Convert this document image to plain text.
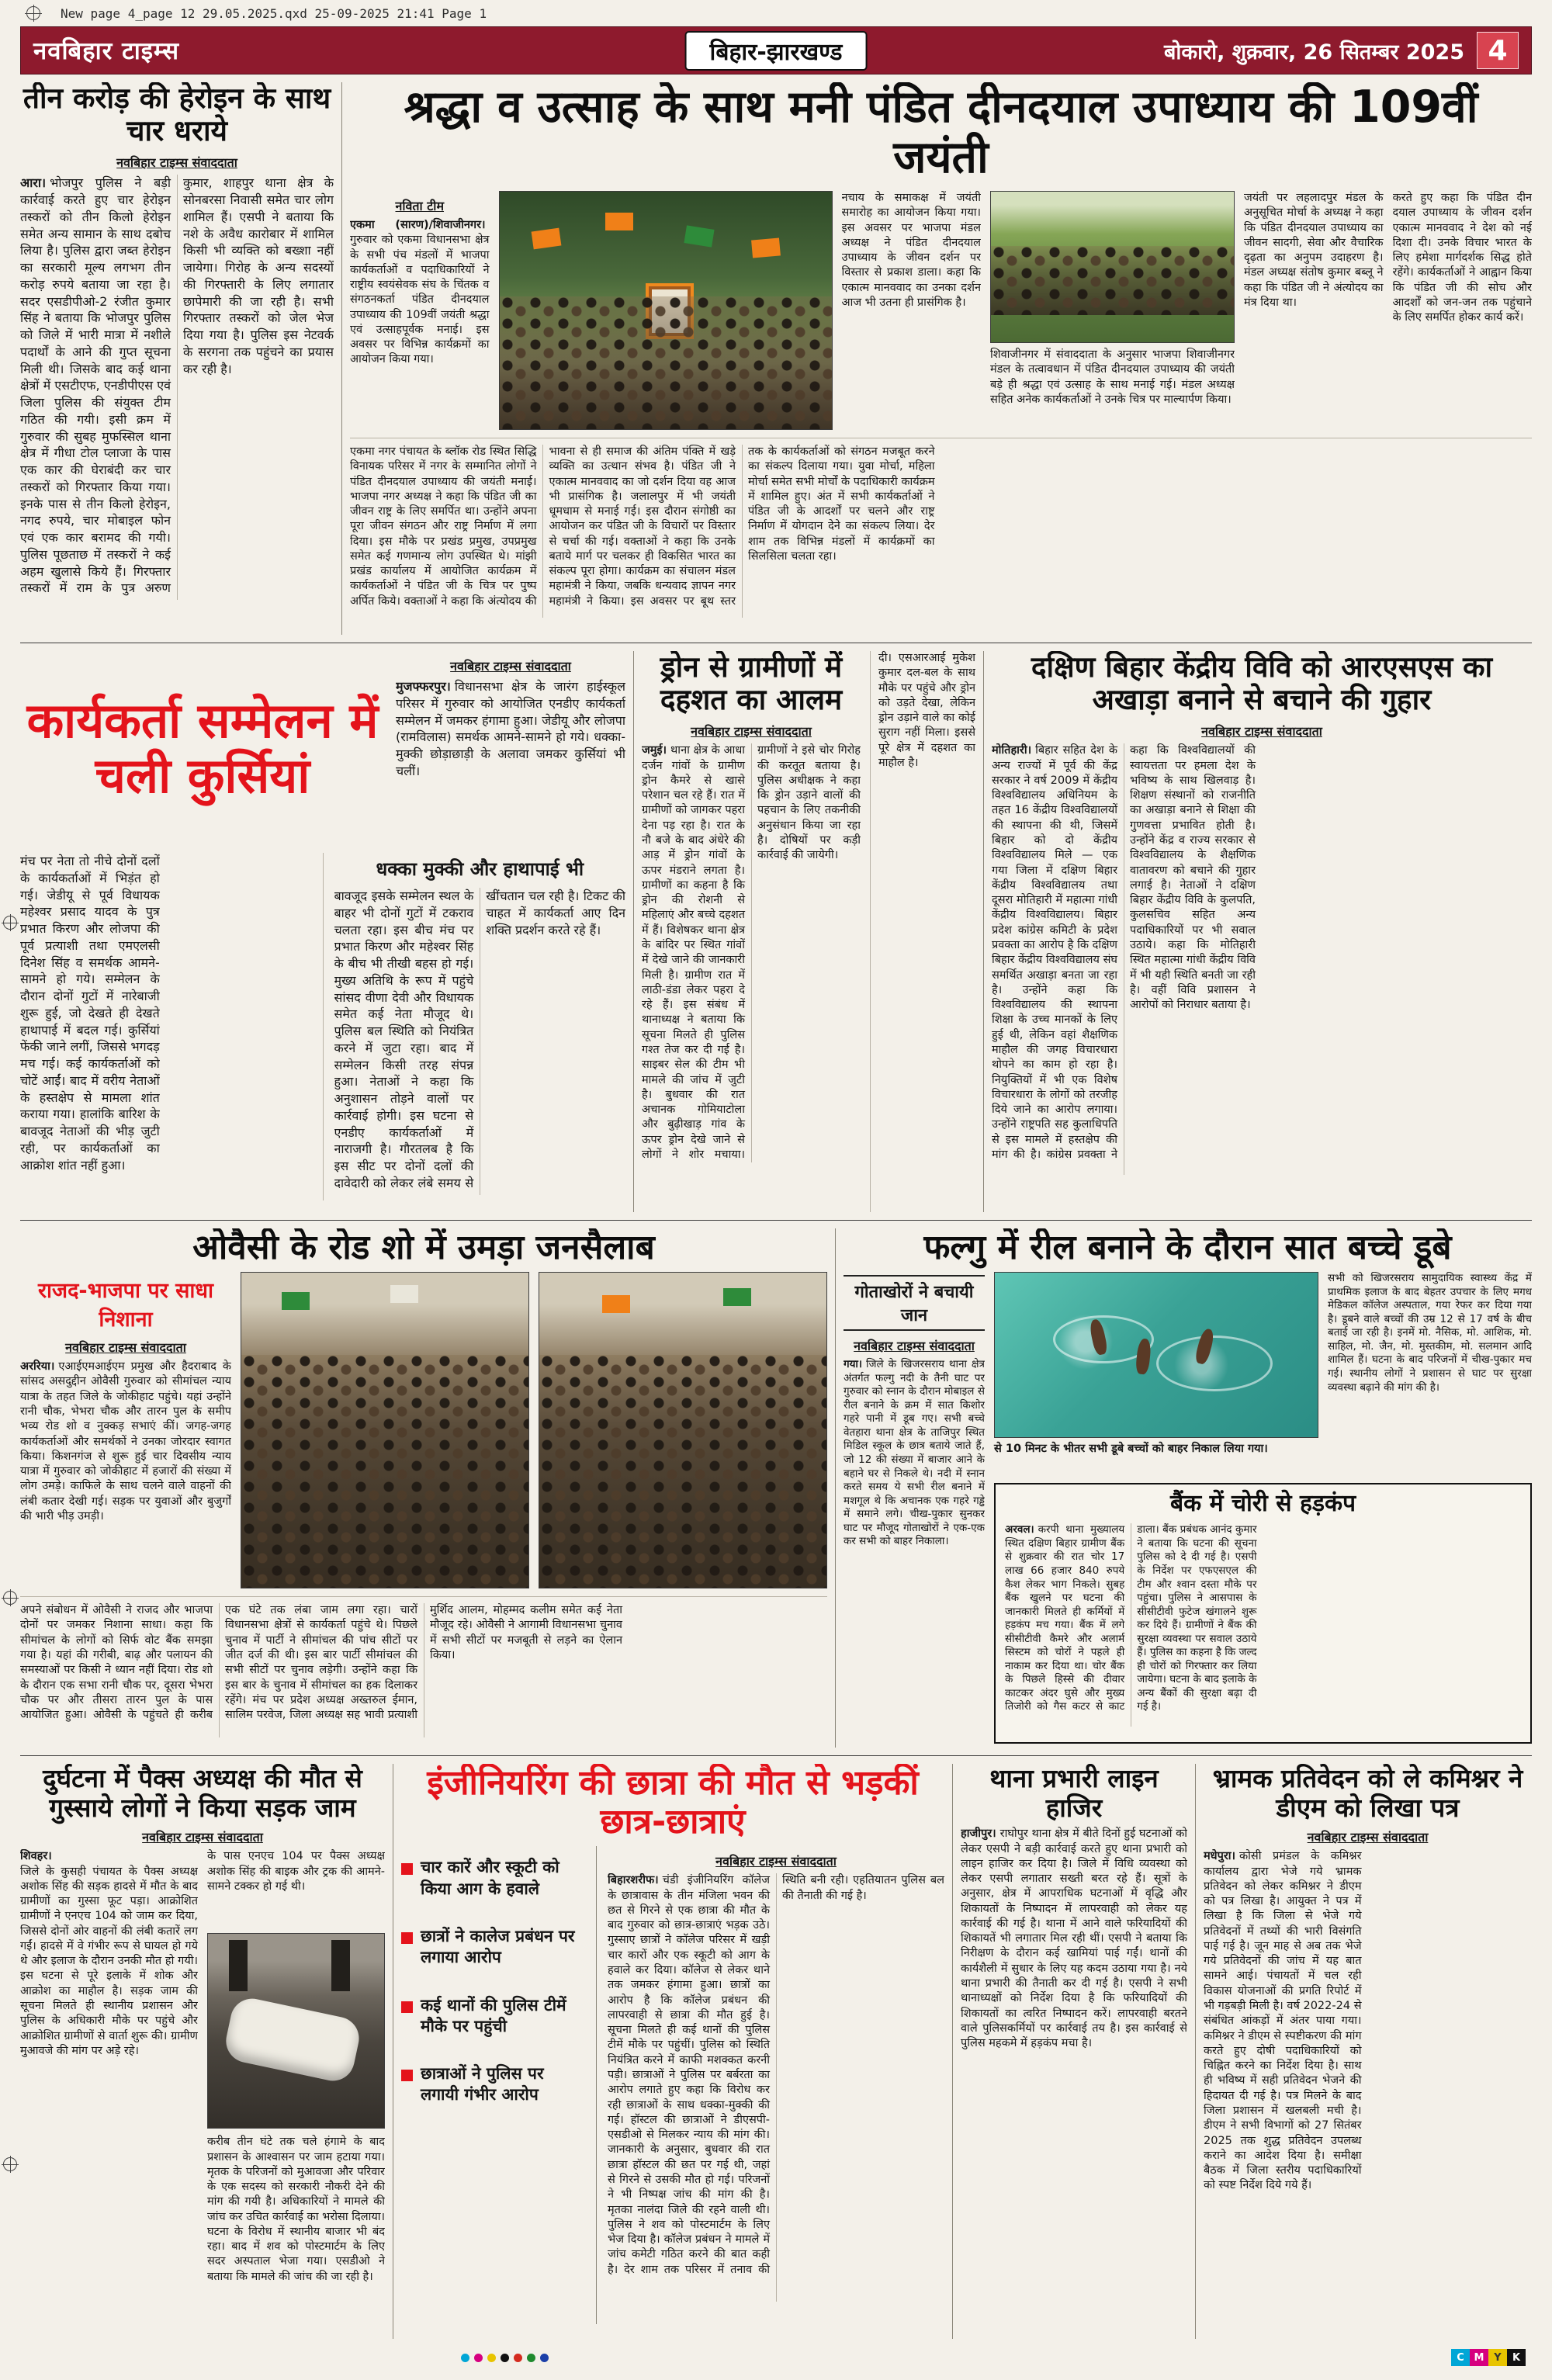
New page 4_page 12 29.05.2025.qxd 25-09-2025 21:41 Page 1
नवबिहार टाइम्स	बिहार-झारखण्ड	बोकारो, शुक्रवार, 26 सितम्बर 2025 4
तीन करोड़ की हेरोइन के साथ चार धराये
नवबिहार टाइम्स संवाददाता
आरा। भोजपुर पुलिस ने बड़ी कार्रवाई करते हुए चार हेरोइन तस्करों को तीन किलो हेरोइन समेत अन्य सामान के साथ दबोच लिया है। पुलिस द्वारा जब्त हेरोइन का सरकारी मूल्य लगभग तीन करोड़ रुपये बताया जा रहा है। सदर एसडीपीओ-2 रंजीत कुमार सिंह ने बताया कि भोजपुर पुलिस को जिले में भारी मात्रा में नशीले पदार्थों के आने की गुप्त सूचना मिली थी। जिसके बाद कई थाना क्षेत्रों में एसटीएफ, एनडीपीएस एवं जिला पुलिस की संयुक्त टीम गठित की गयी। इसी क्रम में गुरुवार की सुबह मुफस्सिल थाना क्षेत्र में गीधा टोल प्लाजा के पास एक कार की घेराबंदी कर चार तस्करों को गिरफ्तार किया गया। इनके पास से तीन किलो हेरोइन, नगद रुपये, चार मोबाइल फोन एवं एक कार बरामद की गयी। पुलिस पूछताछ में तस्करों ने कई अहम खुलासे किये हैं। गिरफ्तार तस्करों में राम के पुत्र अरुण कुमार, शाहपुर थाना क्षेत्र के सोनबरसा निवासी समेत चार लोग शामिल हैं। एसपी ने बताया कि नशे के अवैध कारोबार में शामिल किसी भी व्यक्ति को बख्शा नहीं जायेगा। गिरोह के अन्य सदस्यों की गिरफ्तारी के लिए लगातार छापेमारी की जा रही है। सभी गिरफ्तार तस्करों को जेल भेज दिया गया है। पुलिस इस नेटवर्क के सरगना तक पहुंचने का प्रयास कर रही है।
श्रद्धा व उत्साह के साथ मनी पंडित दीनदयाल उपाध्याय की 109वीं जयंती
नविता टीम
एकमा (सारण)/शिवाजीनगर।गुरुवार को एकमा विधानसभा क्षेत्र के सभी पंच मंडलों में भाजपा कार्यकर्ताओं व पदाधिकारियों ने राष्ट्रीय स्वयंसेवक संघ के चिंतक व संगठनकर्ता पंडित दीनदयाल उपाध्याय की 109वीं जयंती श्रद्धा एवं उत्साहपूर्वक मनाई। इस अवसर पर विभिन्न कार्यक्रमों का आयोजन किया गया।
नचाय के समाकक्ष में जयंती समारोह का आयोजन किया गया। इस अवसर पर भाजपा मंडल अध्यक्ष ने पंडित दीनदयाल उपाध्याय के जीवन दर्शन पर विस्तार से प्रकाश डाला। कहा कि एकात्म मानववाद का उनका दर्शन आज भी उतना ही प्रासंगिक है।
शिवाजीनगर में संवाददाता के अनुसार भाजपा शिवाजीनगर मंडल के तत्वावधान में पंडित दीनदयाल उपाध्याय की जयंती बड़े ही श्रद्धा एवं उत्साह के साथ मनाई गई। मंडल अध्यक्ष सहित अनेक कार्यकर्ताओं ने उनके चित्र पर माल्यार्पण किया।
जयंती पर लहलादपुर मंडल के अनुसूचित मोर्चा के अध्यक्ष ने कहा कि पंडित दीनदयाल उपाध्याय का जीवन सादगी, सेवा और वैचारिक दृढ़ता का अनुपम उदाहरण है। मंडल अध्यक्ष संतोष कुमार बब्लू ने कहा कि पंडित जी ने अंत्योदय का मंत्र दिया था।
करते हुए कहा कि पंडित दीन दयाल उपाध्याय के जीवन दर्शन एकात्म मानववाद ने देश को नई दिशा दी। उनके विचार भारत के लिए हमेशा मार्गदर्शक सिद्ध होते रहेंगे। कार्यकर्ताओं ने आह्वान किया कि पंडित जी की सोच और आदर्शों को जन-जन तक पहुंचाने के लिए समर्पित होकर कार्य करें।
एकमा नगर पंचायत के ब्लॉक रोड स्थित सिद्धि विनायक परिसर में नगर के सम्मानित लोगों ने पंडित दीनदयाल उपाध्याय की जयंती मनाई। भाजपा नगर अध्यक्ष ने कहा कि पंडित जी का जीवन राष्ट्र के लिए समर्पित था। उन्होंने अपना पूरा जीवन संगठन और राष्ट्र निर्माण में लगा दिया। इस मौके पर प्रखंड प्रमुख, उपप्रमुख समेत कई गणमान्य लोग उपस्थित थे। मांझी प्रखंड कार्यालय में आयोजित कार्यक्रम में कार्यकर्ताओं ने पंडित जी के चित्र पर पुष्प अर्पित किये। वक्ताओं ने कहा कि अंत्योदय की भावना से ही समाज की अंतिम पंक्ति में खड़े व्यक्ति का उत्थान संभव है। पंडित जी ने एकात्म मानववाद का जो दर्शन दिया वह आज भी प्रासंगिक है। जलालपुर में भी जयंती धूमधाम से मनाई गई। इस दौरान संगोष्ठी का आयोजन कर पंडित जी के विचारों पर विस्तार से चर्चा की गई। वक्ताओं ने कहा कि उनके बताये मार्ग पर चलकर ही विकसित भारत का संकल्प पूरा होगा। कार्यक्रम का संचालन मंडल महामंत्री ने किया, जबकि धन्यवाद ज्ञापन नगर महामंत्री ने किया। इस अवसर पर बूथ स्तर तक के कार्यकर्ताओं को संगठन मजबूत करने का संकल्प दिलाया गया। युवा मोर्चा, महिला मोर्चा समेत सभी मोर्चों के पदाधिकारी कार्यक्रम में शामिल हुए। अंत में सभी कार्यकर्ताओं ने पंडित जी के आदर्शों पर चलने और राष्ट्र निर्माण में योगदान देने का संकल्प लिया। देर शाम तक विभिन्न मंडलों में कार्यक्रमों का सिलसिला चलता रहा।
कार्यकर्ता सम्मेलन में चली कुर्सियां
नवबिहार टाइम्स संवाददाता
मुजफ्फरपुर। विधानसभा क्षेत्र के जारंग हाईस्कूल परिसर में गुरुवार को आयोजित एनडीए कार्यकर्ता सम्मेलन में जमकर हंगामा हुआ। जेडीयू और लोजपा (रामविलास) समर्थक आमने-सामने हो गये। धक्का-मुक्की छोड़ाछाड़ी के अलावा जमकर कुर्सियां भी चलीं।
मंच पर नेता तो नीचे दोनों दलों के कार्यकर्ताओं में भिड़ंत हो गई। जेडीयू से पूर्व विधायक महेश्वर प्रसाद यादव के पुत्र प्रभात किरण और लोजपा की पूर्व प्रत्याशी तथा एमएलसी दिनेश सिंह व समर्थक आमने-सामने हो गये। सम्मेलन के दौरान दोनों गुटों में नारेबाजी शुरू हुई, जो देखते ही देखते हाथापाई में बदल गई। कुर्सियां फेंकी जाने लगीं, जिससे भगदड़ मच गई। कई कार्यकर्ताओं को चोटें आईं। बाद में वरीय नेताओं के हस्तक्षेप से मामला शांत कराया गया। हालांकि बारिश के बावजूद नेताओं की भीड़ जुटी रही, पर कार्यकर्ताओं का आक्रोश शांत नहीं हुआ।
धक्का मुक्की और हाथापाई भी
बावजूद इसके सम्मेलन स्थल के बाहर भी दोनों गुटों में टकराव चलता रहा। इस बीच मंच पर प्रभात किरण और महेश्वर सिंह के बीच भी तीखी बहस हो गई। मुख्य अतिथि के रूप में पहुंचे सांसद वीणा देवी और विधायक समेत कई नेता मौजूद थे। पुलिस बल स्थिति को नियंत्रित करने में जुटा रहा। बाद में सम्मेलन किसी तरह संपन्न हुआ। नेताओं ने कहा कि अनुशासन तोड़ने वालों पर कार्रवाई होगी। इस घटना से एनडीए कार्यकर्ताओं में नाराजगी है। गौरतलब है कि इस सीट पर दोनों दलों की दावेदारी को लेकर लंबे समय से खींचतान चल रही है। टिकट की चाहत में कार्यकर्ता आए दिन शक्ति प्रदर्शन करते रहे हैं।
ड्रोन से ग्रामीणों में दहशत का आलम
नवबिहार टाइम्स संवाददाता
जमुई। थाना क्षेत्र के आधा दर्जन गांवों के ग्रामीण ड्रोन कैमरे से खासे परेशान चल रहे हैं। रात में ग्रामीणों को जागकर पहरा देना पड़ रहा है। रात के नौ बजे के बाद अंधेरे की आड़ में ड्रोन गांवों के ऊपर मंडराने लगता है। ग्रामीणों का कहना है कि ड्रोन की रोशनी से महिलाएं और बच्चे दहशत में हैं। विशेषकर थाना क्षेत्र के बांदिर पर स्थित गांवों में देखे जाने की जानकारी मिली है। ग्रामीण रात में लाठी-डंडा लेकर पहरा दे रहे हैं। इस संबंध में थानाध्यक्ष ने बताया कि सूचना मिलते ही पुलिस गश्त तेज कर दी गई है। साइबर सेल की टीम भी मामले की जांच में जुटी है। बुधवार की रात अचानक गोमियाटोला और बुढ़ीखाड़ गांव के ऊपर ड्रोन देखे जाने से लोगों ने शोर मचाया। ग्रामीणों ने इसे चोर गिरोह की करतूत बताया है। पुलिस अधीक्षक ने कहा कि ड्रोन उड़ाने वालों की पहचान के लिए तकनीकी अनुसंधान किया जा रहा है। दोषियों पर कड़ी कार्रवाई की जायेगी।
दी। एसआरआई मुकेश कुमार दल-बल के साथ मौके पर पहुंचे और ड्रोन को उड़ते देखा, लेकिन ड्रोन उड़ाने वाले का कोई सुराग नहीं मिला। इससे पूरे क्षेत्र में दहशत का माहौल है।
दक्षिण बिहार केंद्रीय विवि को आरएसएस का अखाड़ा बनाने से बचाने की गुहार
नवबिहार टाइम्स संवाददाता
मोतिहारी। बिहार सहित देश के अन्य राज्यों में पूर्व की केंद्र सरकार ने वर्ष 2009 में केंद्रीय विश्वविद्यालय अधिनियम के तहत 16 केंद्रीय विश्वविद्यालयों की स्थापना की थी, जिसमें बिहार को दो केंद्रीय विश्वविद्यालय मिले — एक गया जिला में दक्षिण बिहार केंद्रीय विश्वविद्यालय तथा दूसरा मोतिहारी में महात्मा गांधी केंद्रीय विश्वविद्यालय। बिहार प्रदेश कांग्रेस कमिटी के प्रदेश प्रवक्ता का आरोप है कि दक्षिण बिहार केंद्रीय विश्वविद्यालय संघ समर्थित अखाड़ा बनता जा रहा है। उन्होंने कहा कि विश्वविद्यालय की स्थापना शिक्षा के उच्च मानकों के लिए हुई थी, लेकिन वहां शैक्षणिक माहौल की जगह विचारधारा थोपने का काम हो रहा है। नियुक्तियों में भी एक विशेष विचारधारा के लोगों को तरजीह दिये जाने का आरोप लगाया। उन्होंने राष्ट्रपति सह कुलाधिपति से इस मामले में हस्तक्षेप की मांग की है। कांग्रेस प्रवक्ता ने कहा कि विश्वविद्यालयों की स्वायत्तता पर हमला देश के भविष्य के साथ खिलवाड़ है। शिक्षण संस्थानों को राजनीति का अखाड़ा बनाने से शिक्षा की गुणवत्ता प्रभावित होती है। उन्होंने केंद्र व राज्य सरकार से विश्वविद्यालय के शैक्षणिक वातावरण को बचाने की गुहार लगाई है। नेताओं ने दक्षिण बिहार केंद्रीय विवि के कुलपति, कुलसचिव सहित अन्य पदाधिकारियों पर भी सवाल उठाये। कहा कि मोतिहारी स्थित महात्मा गांधी केंद्रीय विवि में भी यही स्थिति बनती जा रही है। वहीं विवि प्रशासन ने आरोपों को निराधार बताया है।
ओवैसी के रोड शो में उमड़ा जनसैलाब
राजद-भाजपा पर साधा निशाना
नवबिहार टाइम्स संवाददाता
अररिया। एआईएमआईएम प्रमुख और हैदराबाद के सांसद असदुद्दीन ओवैसी गुरुवार को सीमांचल न्याय यात्रा के तहत जिले के जोकीहाट पहुंचे। यहां उन्होंने रानी चौक, भेभरा चौक और तारन पुल के समीप भव्य रोड शो व नुक्कड़ सभाएं कीं। जगह-जगह कार्यकर्ताओं और समर्थकों ने उनका जोरदार स्वागत किया। किशनगंज से शुरू हुई चार दिवसीय न्याय यात्रा में गुरुवार को जोकीहाट में हजारों की संख्या में लोग उमड़े। काफिले के साथ चलने वाले वाहनों की लंबी कतार देखी गई। सड़क पर युवाओं और बुजुर्गों की भारी भीड़ उमड़ी।
अपने संबोधन में ओवैसी ने राजद और भाजपा दोनों पर जमकर निशाना साधा। कहा कि सीमांचल के लोगों को सिर्फ वोट बैंक समझा गया है। यहां की गरीबी, बाढ़ और पलायन की समस्याओं पर किसी ने ध्यान नहीं दिया। रोड शो के दौरान एक सभा रानी चौक पर, दूसरा भेभरा चौक पर और तीसरा तारन पुल के पास आयोजित हुआ। ओवैसी के पहुंचते ही करीब एक घंटे तक लंबा जाम लगा रहा। चारों विधानसभा क्षेत्रों से कार्यकर्ता पहुंचे थे। पिछले चुनाव में पार्टी ने सीमांचल की पांच सीटों पर जीत दर्ज की थी। इस बार पार्टी सीमांचल की सभी सीटों पर चुनाव लड़ेगी। उन्होंने कहा कि इस बार के चुनाव में सीमांचल का हक दिलाकर रहेंगे। मंच पर प्रदेश अध्यक्ष अख्तरुल ईमान, सालिम परवेज, जिला अध्यक्ष सह भावी प्रत्याशी मुर्शिद आलम, मोहम्मद कलीम समेत कई नेता मौजूद रहे। ओवैसी ने आगामी विधानसभा चुनाव में सभी सीटों पर मजबूती से लड़ने का ऐलान किया।
फल्गु में रील बनाने के दौरान सात बच्चे डूबे
गोताखोरों ने बचायी जान
नवबिहार टाइम्स संवाददाता
गया। जिले के खिजरसराय थाना क्षेत्र अंतर्गत फल्गु नदी के तैनी घाट पर गुरुवार को स्नान के दौरान मोबाइल से रील बनाने के क्रम में सात किशोर गहरे पानी में डूब गए। सभी बच्चे वेतहारा थाना क्षेत्र के ताजिपुर स्थित मिडिल स्कूल के छात्र बताये जाते हैं, जो 12 की संख्या में बाजार आने के बहाने घर से निकले थे। नदी में स्नान करते समय ये सभी रील बनाने में मशगूल थे कि अचानक एक गहरे गड्ढे में समाने लगे। चीख-पुकार सुनकर घाट पर मौजूद गोताखोरों ने एक-एक कर सभी को बाहर निकाला।
से 10 मिनट के भीतर सभी डूबे बच्चों को बाहर निकाल लिया गया।
सभी को खिजरसराय सामुदायिक स्वास्थ्य केंद्र में प्राथमिक इलाज के बाद बेहतर उपचार के लिए मगध मेडिकल कॉलेज अस्पताल, गया रेफर कर दिया गया है। डूबने वाले बच्चों की उम्र 12 से 17 वर्ष के बीच बताई जा रही है। इनमें मो. नैसिक, मो. आशिक, मो. साहिल, मो. जैन, मो. मुस्तकीम, मो. सलमान आदि शामिल हैं। घटना के बाद परिजनों में चीख-पुकार मच गई। स्थानीय लोगों ने प्रशासन से घाट पर सुरक्षा व्यवस्था बढ़ाने की मांग की है।
बैंक में चोरी से हड़कंप
अरवल। करपी थाना मुख्यालय स्थित दक्षिण बिहार ग्रामीण बैंक से शुक्रवार की रात चोर 17 लाख 66 हजार 840 रुपये कैश लेकर भाग निकले। सुबह बैंक खुलने पर घटना की जानकारी मिलते ही कर्मियों में हड़कंप मच गया। बैंक में लगे सीसीटीवी कैमरे और अलार्म सिस्टम को चोरों ने पहले ही नाकाम कर दिया था। चोर बैंक के पिछले हिस्से की दीवार काटकर अंदर घुसे और मुख्य तिजोरी को गैस कटर से काट डाला। बैंक प्रबंधक आनंद कुमार ने बताया कि घटना की सूचना पुलिस को दे दी गई है। एसपी के निर्देश पर एफएसएल की टीम और श्वान दस्ता मौके पर पहुंचा। पुलिस ने आसपास के सीसीटीवी फुटेज खंगालने शुरू कर दिये हैं। ग्रामीणों ने बैंक की सुरक्षा व्यवस्था पर सवाल उठाये हैं। पुलिस का कहना है कि जल्द ही चोरों को गिरफ्तार कर लिया जायेगा। घटना के बाद इलाके के अन्य बैंकों की सुरक्षा बढ़ा दी गई है।
दुर्घटना में पैक्स अध्यक्ष की मौत से गुस्साये लोगों ने किया सड़क जाम
नवबिहार टाइम्स संवाददाता
शिवहर।
जिले के कुसही पंचायत के पैक्स अध्यक्ष अशोक सिंह की सड़क हादसे में मौत के बाद ग्रामीणों का गुस्सा फूट पड़ा। आक्रोशित ग्रामीणों ने एनएच 104 को जाम कर दिया, जिससे दोनों ओर वाहनों की लंबी कतारें लग गईं। हादसे में वे गंभीर रूप से घायल हो गये थे और इलाज के दौरान उनकी मौत हो गयी। इस घटना से पूरे इलाके में शोक और आक्रोश का माहौल है। सड़क जाम की सूचना मिलते ही स्थानीय प्रशासन और पुलिस के अधिकारी मौके पर पहुंचे और आक्रोशित ग्रामीणों से वार्ता शुरू की। ग्रामीण मुआवजे की मांग पर अड़े रहे।
के पास एनएच 104 पर पैक्स अध्यक्ष अशोक सिंह की बाइक और ट्रक की आमने-सामने टक्कर हो गई थी।
करीब तीन घंटे तक चले हंगामे के बाद प्रशासन के आश्वासन पर जाम हटाया गया। मृतक के परिजनों को मुआवजा और परिवार के एक सदस्य को सरकारी नौकरी देने की मांग की गयी है। अधिकारियों ने मामले की जांच कर उचित कार्रवाई का भरोसा दिलाया। घटना के विरोध में स्थानीय बाजार भी बंद रहा। बाद में शव को पोस्टमार्टम के लिए सदर अस्पताल भेजा गया। एसडीओ ने बताया कि मामले की जांच की जा रही है।
इंजीनियरिंग की छात्रा की मौत से भड़कीं छात्र-छात्राएं
चार कारें और स्कूटी को किया आग के हवाले
छात्रों ने कालेज प्रबंधन पर लगाया आरोप
कई थानों की पुलिस टीमें मौके पर पहुंची
छात्राओं ने पुलिस पर लगायी गंभीर आरोप
नवबिहार टाइम्स संवाददाता
बिहारशरीफ। चंडी इंजीनियरिंग कॉलेज के छात्रावास के तीन मंजिला भवन की छत से गिरने से एक छात्रा की मौत के बाद गुरुवार को छात्र-छात्राएं भड़क उठे। गुस्साए छात्रों ने कॉलेज परिसर में खड़ी चार कारों और एक स्कूटी को आग के हवाले कर दिया। कॉलेज से लेकर थाने तक जमकर हंगामा हुआ। छात्रों का आरोप है कि कॉलेज प्रबंधन की लापरवाही से छात्रा की मौत हुई है। सूचना मिलते ही कई थानों की पुलिस टीमें मौके पर पहुंचीं। पुलिस को स्थिति नियंत्रित करने में काफी मशक्कत करनी पड़ी। छात्राओं ने पुलिस पर बर्बरता का आरोप लगाते हुए कहा कि विरोध कर रही छात्राओं के साथ धक्का-मुक्की की गई। हॉस्टल की छात्राओं ने डीएसपी-एसडीओ से मिलकर न्याय की मांग की। जानकारी के अनुसार, बुधवार की रात छात्रा हॉस्टल की छत पर गई थी, जहां से गिरने से उसकी मौत हो गई। परिजनों ने भी निष्पक्ष जांच की मांग की है। मृतका नालंदा जिले की रहने वाली थी। पुलिस ने शव को पोस्टमार्टम के लिए भेज दिया है। कॉलेज प्रबंधन ने मामले में जांच कमेटी गठित करने की बात कही है। देर शाम तक परिसर में तनाव की स्थिति बनी रही। एह‍तियातन पुलिस बल की तैनाती की गई है।
थाना प्रभारी लाइन हाजिर
हाजीपुर। राघोपुर थाना क्षेत्र में बीते दिनों हुई घटनाओं को लेकर एसपी ने बड़ी कार्रवाई करते हुए थाना प्रभारी को लाइन हाजिर कर दिया है। जिले में विधि व्यवस्था को लेकर एसपी लगातार सख्ती बरत रहे हैं। सूत्रों के अनुसार, क्षेत्र में आपराधिक घटनाओं में वृद्धि और शिकायतों के निष्पादन में लापरवाही को लेकर यह कार्रवाई की गई है। थाना में आने वाले फरियादियों की शिकायतें भी लगातार मिल रही थीं। एसपी ने बताया कि निरीक्षण के दौरान कई खामियां पाई गईं। थानों की कार्यशैली में सुधार के लिए यह कदम उठाया गया है। नये थाना प्रभारी की तैनाती कर दी गई है। एसपी ने सभी थानाध्यक्षों को निर्देश दिया है कि फरियादियों की शिकायतों का त्वरित निष्पादन करें। लापरवाही बरतने वाले पुलिसकर्मियों पर कार्रवाई तय है। इस कार्रवाई से पुलिस महकमे में हड़कंप मचा है।
भ्रामक प्रतिवेदन को ले कमिश्नर ने डीएम को लिखा पत्र
नवबिहार टाइम्स संवाददाता
मधेपुरा। कोसी प्रमंडल के कमिश्नर कार्यालय द्वारा भेजे गये भ्रामक प्रतिवेदन को लेकर कमिश्नर ने डीएम को पत्र लिखा है। आयुक्त ने पत्र में लिखा है कि जिला से भेजे गये प्रतिवेदनों में तथ्यों की भारी विसंगति पाई गई है। जून माह से अब तक भेजे गये प्रतिवेदनों की जांच में यह बात सामने आई। पंचायतों में चल रही विकास योजनाओं की प्रगति रिपोर्ट में भी गड़बड़ी मिली है। वर्ष 2022-24 से संबंधित आंकड़ों में अंतर पाया गया। कमिश्नर ने डीएम से स्पष्टीकरण की मांग करते हुए दोषी पदाधिकारियों को चिह्नित करने का निर्देश दिया है। साथ ही भविष्य में सही प्रतिवेदन भेजने की हिदायत दी गई है। पत्र मिलने के बाद जिला प्रशासन में खलबली मची है। डीएम ने सभी विभागों को 27 सितंबर 2025 तक शुद्ध प्रतिवेदन उपलब्ध कराने का आदेश दिया है। समीक्षा बैठक में जिला स्तरीय पदाधिकारियों को स्पष्ट निर्देश दिये गये हैं।
C M Y	K
